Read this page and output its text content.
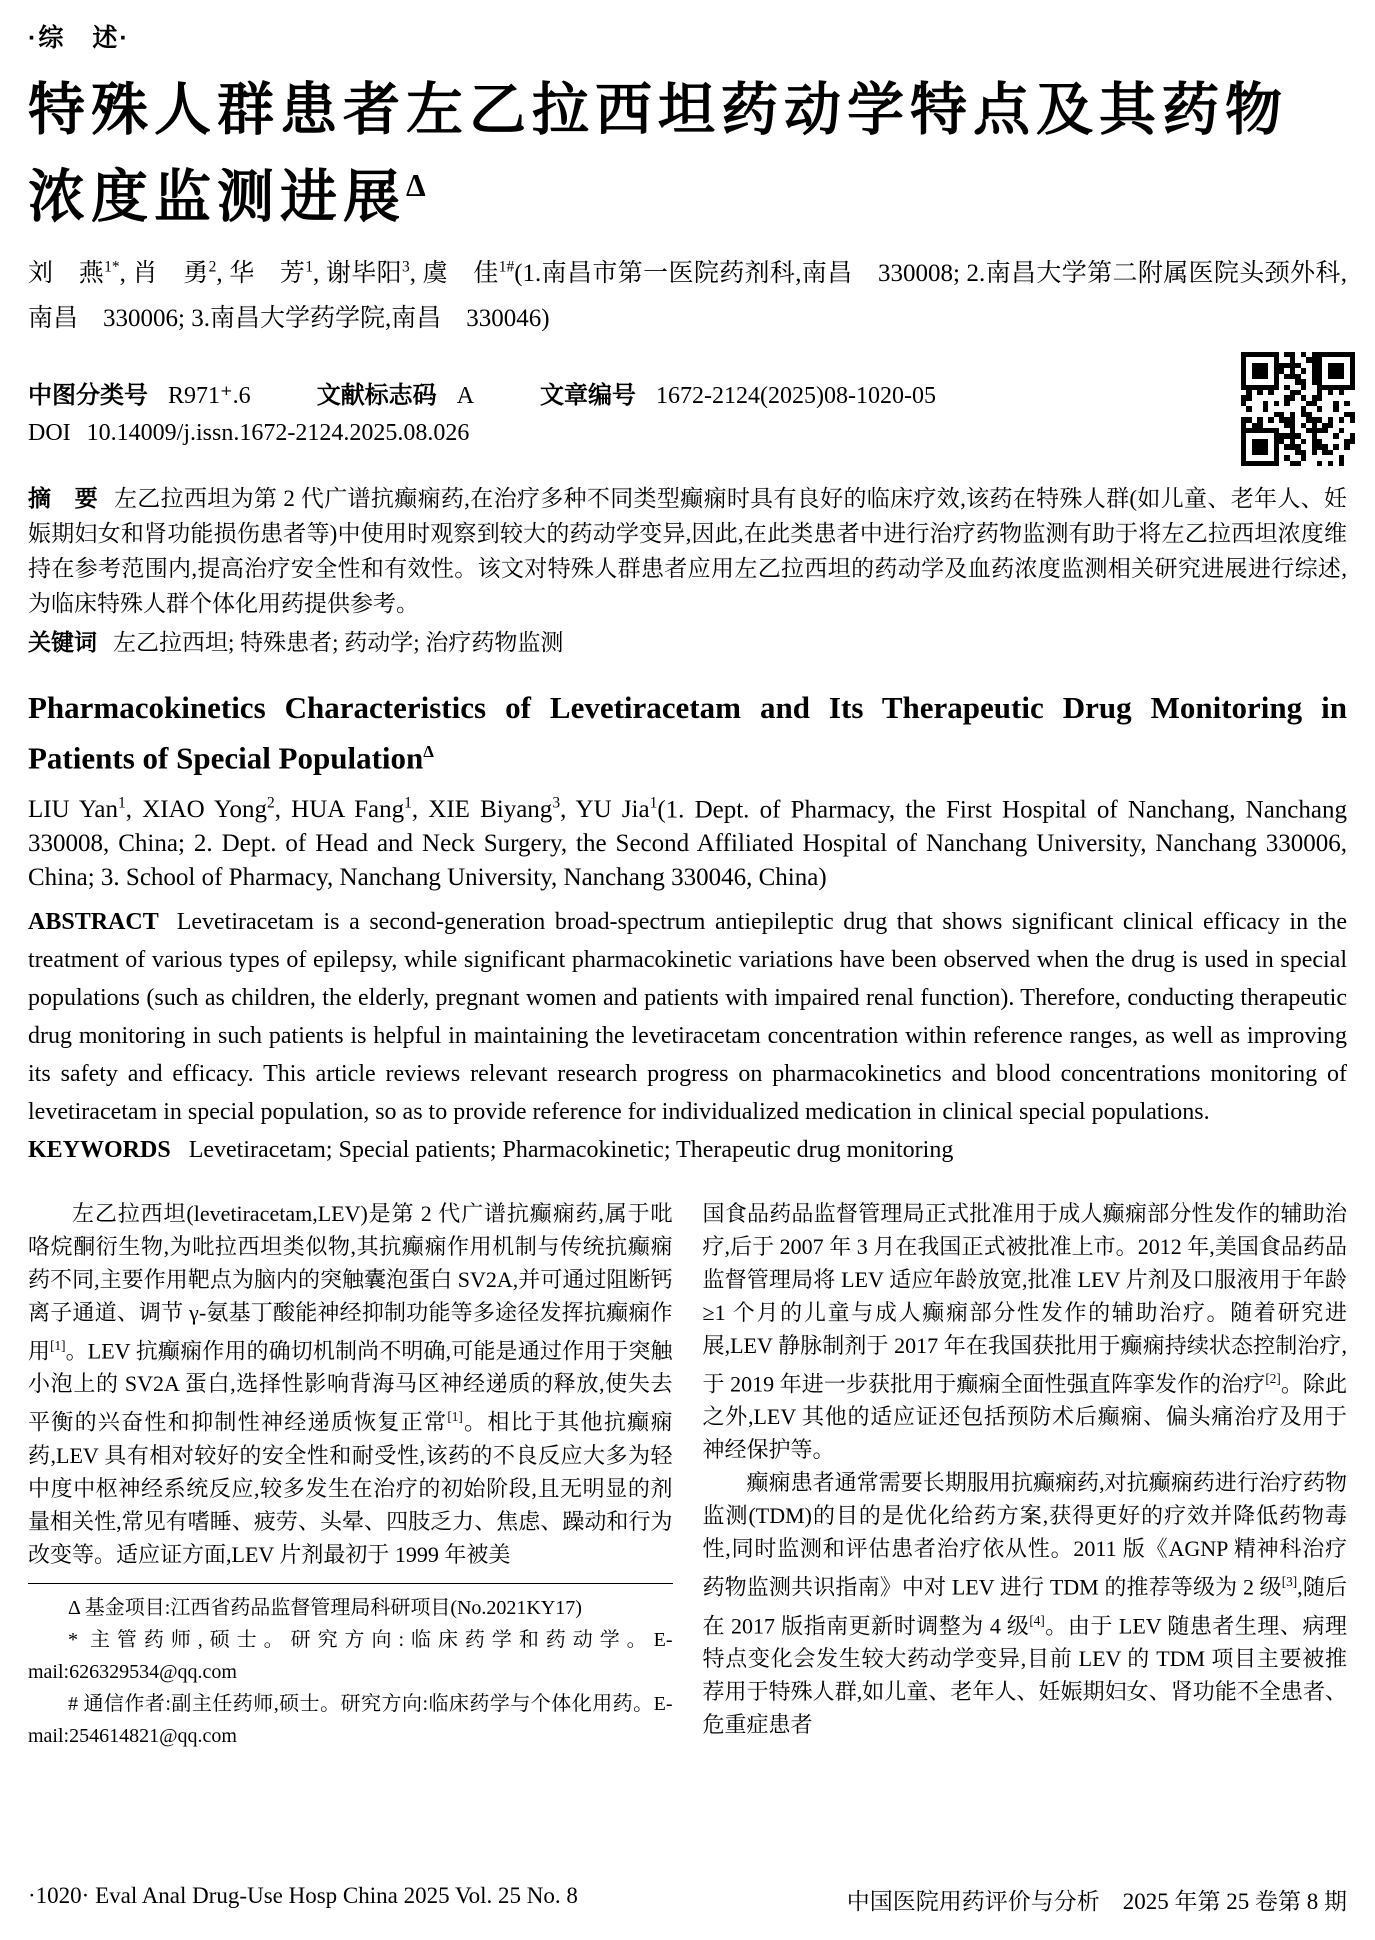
·综　述·
特殊人群患者左乙拉西坦药动学特点及其药物
浓度监测进展$^\Delta$

刘　燕$^{1*}$, 肖　勇$^2$, 华　芳$^1$, 谢毕阳$^3$, 虞　佳$^{1\#}$(1.南昌市第一医院药剂科,南昌　330008; 2.南昌大学第二附属医院头颈外科,南昌　330006; 3.南昌大学药学院,南昌　330046)

中图分类号 R971⁺.6	文献标志码 A	文章编号 1672-2124(2025)08-1020-05
DOI 10.14009/j.issn.1672-2124.2025.08.026

摘　要 左乙拉西坦为第 2 代广谱抗癫痫药,在治疗多种不同类型癫痫时具有良好的临床疗效,该药在特殊人群(如儿童、老年人、妊娠期妇女和肾功能损伤患者等)中使用时观察到较大的药动学变异,因此,在此类患者中进行治疗药物监测有助于将左乙拉西坦浓度维持在参考范围内,提高治疗安全性和有效性。该文对特殊人群患者应用左乙拉西坦的药动学及血药浓度监测相关研究进展进行综述,为临床特殊人群个体化用药提供参考。

关键词 左乙拉西坦; 特殊患者; 药动学; 治疗药物监测

Pharmacokinetics Characteristics of Levetiracetam and Its Therapeutic Drug Monitoring in Patients of Special Population$^\Delta$

LIU Yan$^1$, XIAO Yong$^2$, HUA Fang$^1$, XIE Biyang$^3$, YU Jia$^1$(1. Dept. of Pharmacy, the First Hospital of Nanchang, Nanchang 330008, China; 2. Dept. of Head and Neck Surgery, the Second Affiliated Hospital of Nanchang University, Nanchang 330006, China; 3. School of Pharmacy, Nanchang University, Nanchang 330046, China)

ABSTRACT Levetiracetam is a second-generation broad-spectrum antiepileptic drug that shows significant clinical efficacy in the treatment of various types of epilepsy, while significant pharmacokinetic variations have been observed when the drug is used in special populations (such as children, the elderly, pregnant women and patients with impaired renal function). Therefore, conducting therapeutic drug monitoring in such patients is helpful in maintaining the levetiracetam concentration within reference ranges, as well as improving its safety and efficacy. This article reviews relevant research progress on pharmacokinetics and blood concentrations monitoring of levetiracetam in special population, so as to provide reference for individualized medication in clinical special populations.

KEYWORDS Levetiracetam; Special patients; Pharmacokinetic; Therapeutic drug monitoring

左乙拉西坦(levetiracetam,LEV)是第 2 代广谱抗癫痫药,属于吡咯烷酮衍生物,为吡拉西坦类似物,其抗癫痫作用机制与传统抗癫痫药不同,主要作用靶点为脑内的突触囊泡蛋白 SV2A,并可通过阻断钙离子通道、调节 γ-氨基丁酸能神经抑制功能等多途径发挥抗癫痫作用[1]。LEV 抗癫痫作用的确切机制尚不明确,可能是通过作用于突触小泡上的 SV2A 蛋白,选择性影响背海马区神经递质的释放,使失去平衡的兴奋性和抑制性神经递质恢复正常[1]。相比于其他抗癫痫药,LEV 具有相对较好的安全性和耐受性,该药的不良反应大多为轻中度中枢神经系统反应,较多发生在治疗的初始阶段,且无明显的剂量相关性,常见有嗜睡、疲劳、头晕、四肢乏力、焦虑、躁动和行为改变等。适应证方面,LEV 片剂最初于 1999 年被美

Δ 基金项目:江西省药品监督管理局科研项目(No.2021KY17)

* 主管药师,硕士。研究方向:临床药学和药动学。E-mail:626329534@qq.com

# 通信作者:副主任药师,硕士。研究方向:临床药学与个体化用药。E-mail:254614821@qq.com

国食品药品监督管理局正式批准用于成人癫痫部分性发作的辅助治疗,后于 2007 年 3 月在我国正式被批准上市。2012 年,美国食品药品监督管理局将 LEV 适应年龄放宽,批准 LEV 片剂及口服液用于年龄≥1 个月的儿童与成人癫痫部分性发作的辅助治疗。随着研究进展,LEV 静脉制剂于 2017 年在我国获批用于癫痫持续状态控制治疗,于 2019 年进一步获批用于癫痫全面性强直阵挛发作的治疗[2]。除此之外,LEV 其他的适应证还包括预防术后癫痫、偏头痛治疗及用于神经保护等。

癫痫患者通常需要长期服用抗癫痫药,对抗癫痫药进行治疗药物监测(TDM)的目的是优化给药方案,获得更好的疗效并降低药物毒性,同时监测和评估患者治疗依从性。2011 版《AGNP 精神科治疗药物监测共识指南》中对 LEV 进行 TDM 的推荐等级为 2 级[3],随后在 2017 版指南更新时调整为 4 级[4]。由于 LEV 随患者生理、病理特点变化会发生较大药动学变异,目前 LEV 的 TDM 项目主要被推荐用于特殊人群,如儿童、老年人、妊娠期妇女、肾功能不全患者、危重症患者

·1020· Eval Anal Drug-Use Hosp China 2025 Vol. 25 No. 8	中国医院用药评价与分析　2025 年第 25 卷第 8 期
